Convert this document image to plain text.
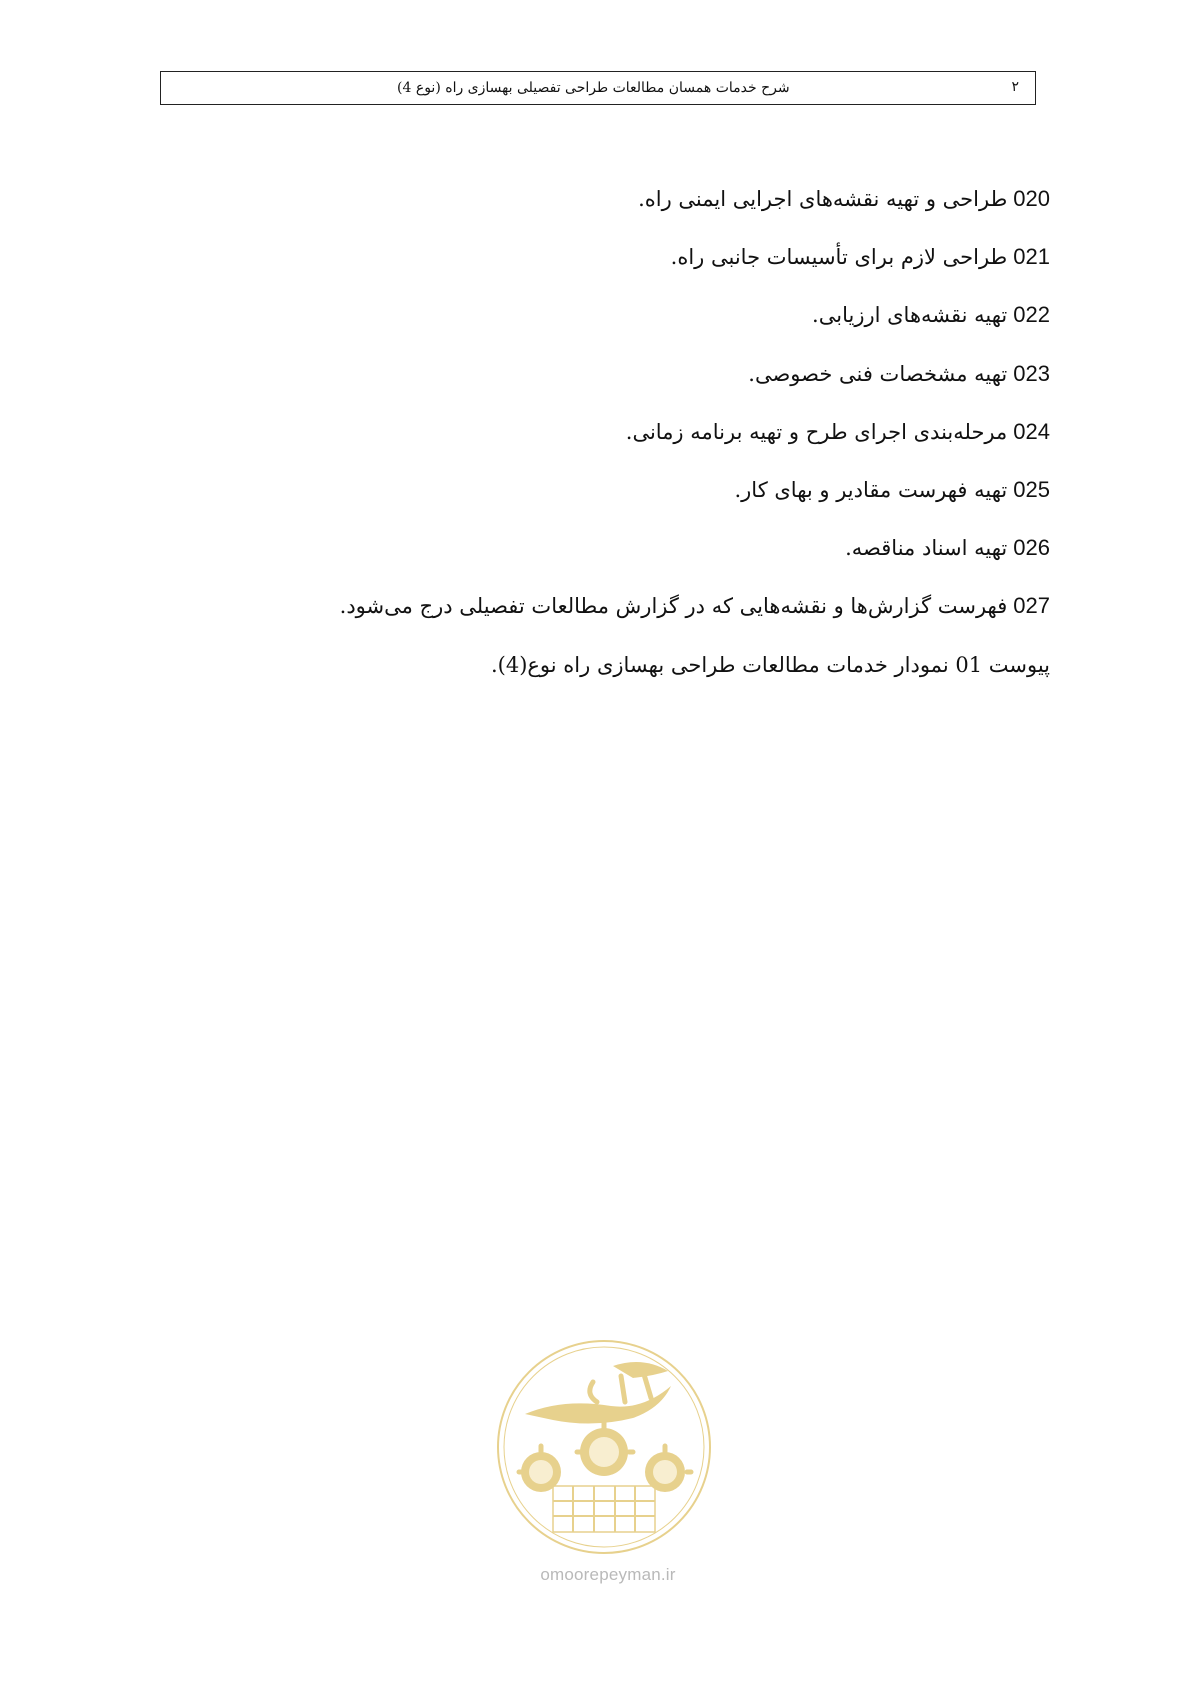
شرح خدمات همسان مطالعات طراحی تفصیلی بهسازی راه (نوع 4)	۲
020
طراحی و تهیه نقشه‌های اجرایی ایمنی راه.
021
طراحی لازم برای تأسیسات جانبی راه.
022
تهیه نقشه‌های ارزیابی.
023
تهیه مشخصات فنی خصوصی.
024
مرحله‌بندی اجرای طرح و تهیه برنامه زمانی.
025
تهیه فهرست مقادیر و بهای کار.
026
تهیه اسناد مناقصه.
027
فهرست گزارش‌ها و نقشه‌هایی که در گزارش مطالعات تفصیلی درج می‌شود.
پیوست 01 نمودار خدمات مطالعات طراحی بهسازی راه نوع(4).
omoorepeyman.ir
